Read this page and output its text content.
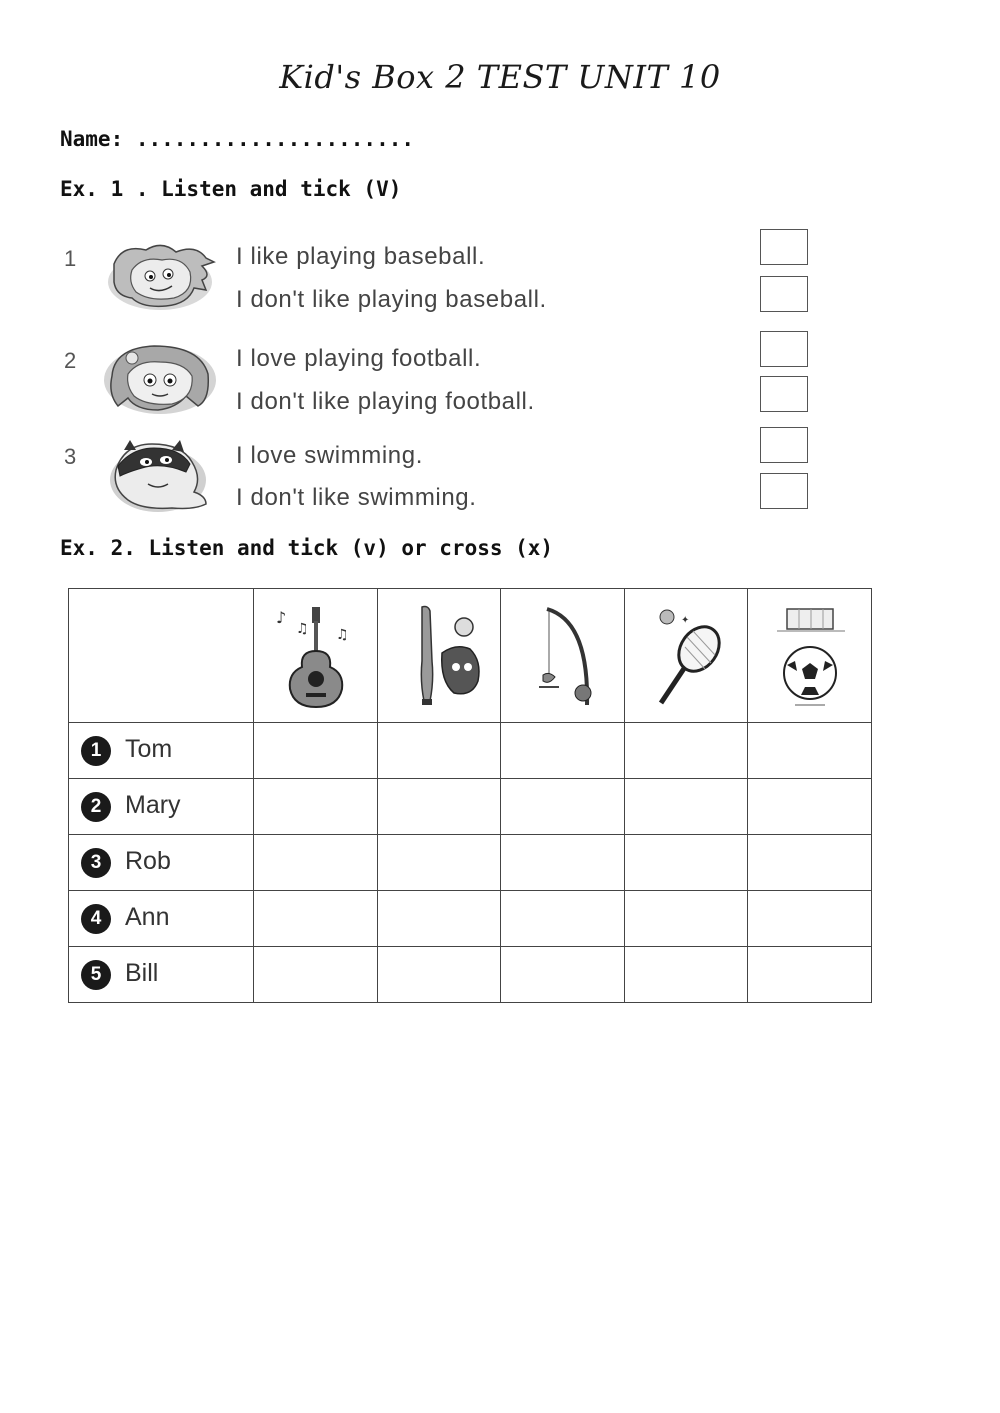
Kid's Box 2 TEST UNIT 10
Name: ......................
Ex. 1 . Listen and tick (V)
1	I like playing baseball.
I don't like playing baseball.
2	I love playing football.
I don't like playing football.
3	I love swimming.
I don't like swimming.
Ex. 2. Listen and tick (v) or cross (x)

♪
♫ ♫			✦

1 Tom					
2 Mary					
3 Rob					
4 Ann					
5 Bill					
